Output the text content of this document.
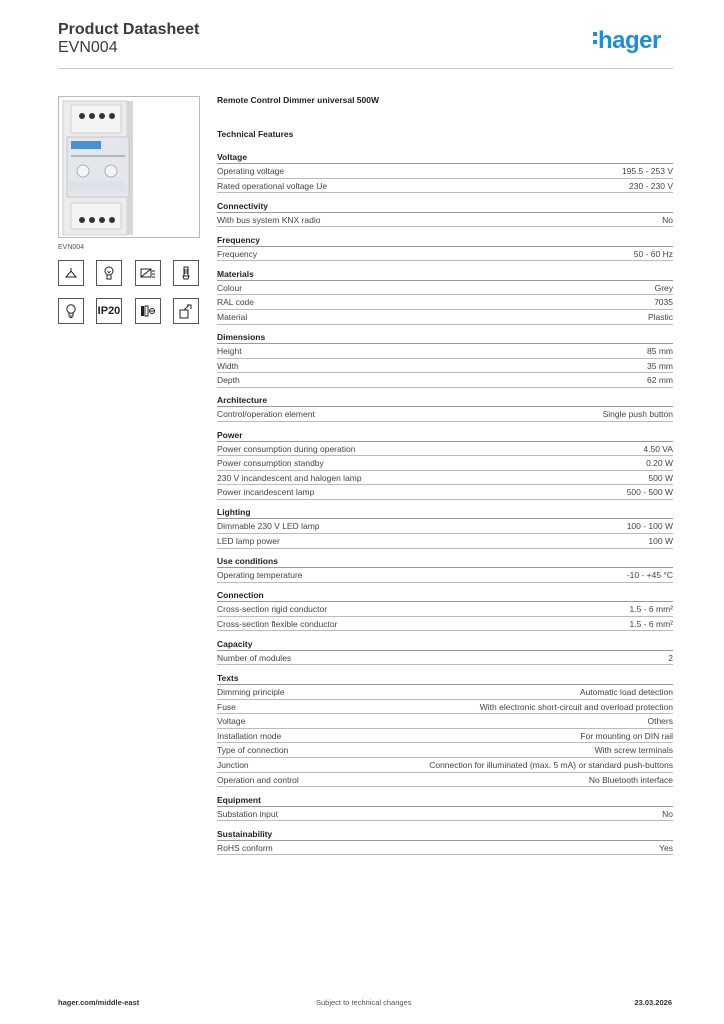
Product Datasheet
EVN004	hager
EVN004
IP20
Remote Control Dimmer universal 500W
Technical Features
Voltage
Operating voltage	195.5 - 253 V
Rated operational voltage Ue	230 - 230 V
Connectivity
With bus system KNX radio	No
Frequency
Frequency	50 - 60 Hz
Materials
Colour	Grey
RAL code	7035
Material	Plastic
Dimensions
Height	85 mm
Width	35 mm
Depth	62 mm
Architecture
Control/operation element	Single push button
Power
Power consumption during operation	4.50 VA
Power consumption standby	0.20 W
230 V incandescent and halogen lamp	500 W
Power incandescent lamp	500 - 500 W
Lighting
Dimmable 230 V LED lamp	100 - 100 W
LED lamp power	100 W
Use conditions
Operating temperature	-10 - +45 °C
Connection
Cross-section rigid conductor	1.5 - 6 mm²
Cross-section flexible conductor	1.5 - 6 mm²
Capacity
Number of modules	2
Texts
Dimming principle	Automatic load detection
Fuse	With electronic short-circuit and overload protection
Voltage	Others
Installation mode	For mounting on DIN rail
Type of connection	With screw terminals
Junction	Connection for illuminated (max. 5 mA) or standard push-buttons
Operation and control	No Bluetooth interface
Equipment
Substation input	No
Sustainability
RoHS conform	Yes
hager.com/middle-east	Subject to technical changes	23.03.2026
